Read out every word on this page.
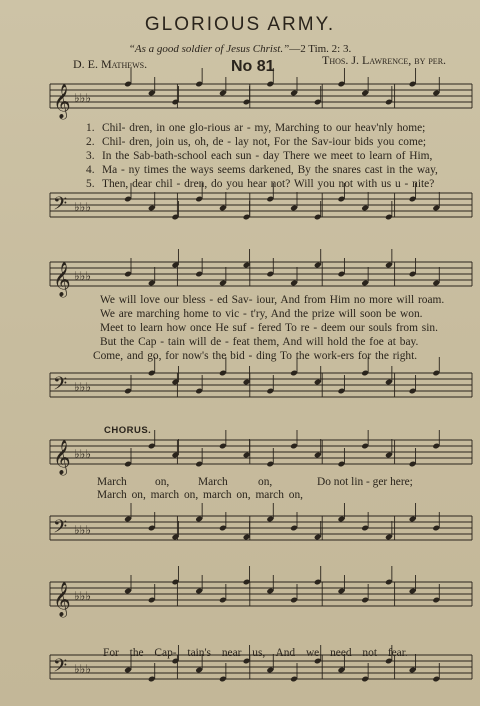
GLORIOUS ARMY.
“As a good soldier of Jesus Christ.”—2 Tim. 2: 3.
D. E. Mathews.	No 81	Thos. J. Lawrence, by per.
𝄞 ♭♭♭
𝄢 ♭♭♭
𝄞 ♭♭♭
𝄢 ♭♭♭
𝄞 ♭♭♭
𝄢 ♭♭♭
𝄞 ♭♭♭
𝄢 ♭♭♭
1. Chil- dren, in one glo-rious ar - my, Marching to our heav'nly home;
2. Chil- dren, join us, oh, de - lay not, For the Sav-iour bids you come;
3. In the Sab-bath-school each sun - day There we meet to learn of Him,
4. Ma - ny times the ways seems darkened, By the snares cast in the way,
5. Then, dear chil - dren, do you hear not? Will you not with us u - nite?
We will love our bless - ed Sav- iour, And from Him no more will roam.
We are marching home to vic - t'ry, And the prize will soon be won.
Meet to learn how once He suf - fered To re - deem our souls from sin.
But the Cap - tain will de - feat them, And will hold the foe at bay.
Come, and go, for now's the bid - ding To the work-ers for the right.
CHORUS.
March on,	March	on,	Do not lin - ger here;
March on, march on, march on, march on,
For the Cap- tain's near us, And we need not fear.
